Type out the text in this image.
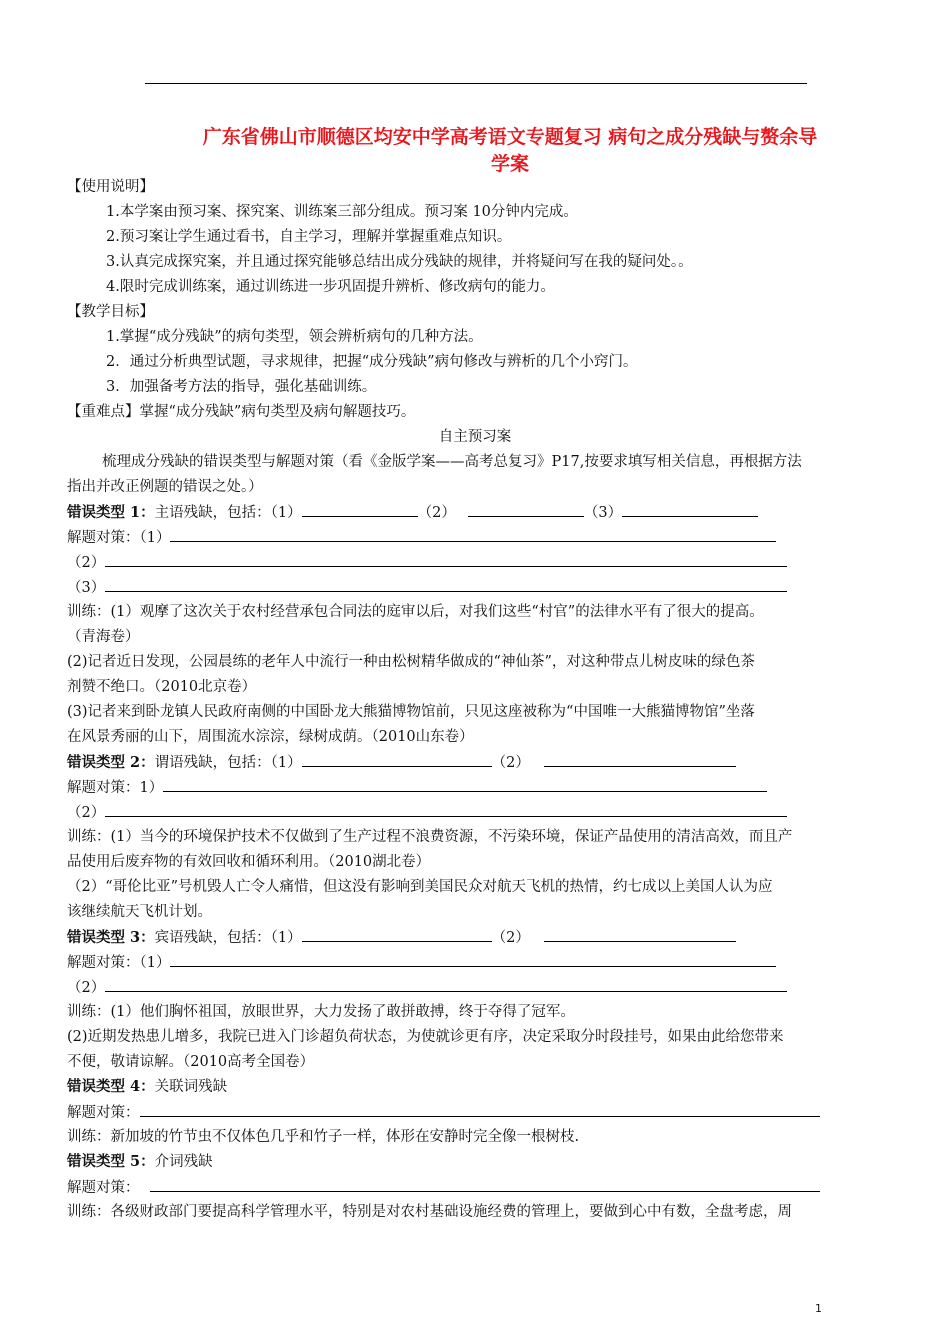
广东省佛山市顺德区均安中学高考语文专题复习 病句之成分残缺与赘余导
学案
【使用说明】
1.本学案由预习案、探究案、训练案三部分组成。预习案 10分钟内完成。
2.预习案让学生通过看书，自主学习，理解并掌握重难点知识。
3.认真完成探究案，并且通过探究能够总结出成分残缺的规律，并将疑问写在我的疑问处。。
4.限时完成训练案，通过训练进一步巩固提升辨析、修改病句的能力。
【教学目标】
1.掌握“成分残缺”的病句类型，领会辨析病句的几种方法。
2．通过分析典型试题，寻求规律，把握“成分残缺”病句修改与辨析的几个小窍门。
3．加强备考方法的指导，强化基础训练。
【重难点】掌握“成分残缺”病句类型及病句解题技巧。
自主预习案
梳理成分残缺的错误类型与解题对策（看《金版学案——高考总复习》P17,按要求填写相关信息，再根据方法
指出并改正例题的错误之处。）
错误类型 1：主语残缺，包括：（1）	（2）	（3）
解题对策：（1）
（2）
（3）
训练：(1）观摩了这次关于农村经营承包合同法的庭审以后，对我们这些“村官”的法律水平有了很大的提高。
（青海卷）
(2)记者近日发现，公园晨练的老年人中流行一种由松树精华做成的“神仙茶”，对这种带点儿树皮味的绿色茶
剂赞不绝口。（2010北京卷）
(3)记者来到卧龙镇人民政府南侧的中国卧龙大熊猫博物馆前，只见这座被称为“中国唯一大熊猫博物馆”坐落
在风景秀丽的山下，周围流水淙淙，绿树成荫。（2010山东卷）
错误类型 2：谓语残缺，包括：（1）	（2）
解题对策：1）
（2）
训练：(1）当今的环境保护技术不仅做到了生产过程不浪费资源，不污染环境，保证产品使用的清洁高效，而且产
品使用后废弃物的有效回收和循环利用。（2010湖北卷）
（2）“哥伦比亚”号机毁人亡令人痛惜，但这没有影响到美国民众对航天飞机的热情，约七成以上美国人认为应
该继续航天飞机计划。
错误类型 3：宾语残缺，包括：（1）	（2）
解题对策：（1）
（2）
训练：(1）他们胸怀祖国，放眼世界，大力发扬了敢拼敢搏，终于夺得了冠军。
(2)近期发热患儿增多，我院已进入门诊超负荷状态，为使就诊更有序，决定采取分时段挂号，如果由此给您带来
不便，敬请谅解。（2010高考全国卷）
错误类型 4：关联词残缺
解题对策：
训练：新加坡的竹节虫不仅体色几乎和竹子一样，体形在安静时完全像一根树枝.
错误类型 5：介词残缺
解题对策：
训练：各级财政部门要提高科学管理水平，特别是对农村基础设施经费的管理上，要做到心中有数，全盘考虑，周
1
